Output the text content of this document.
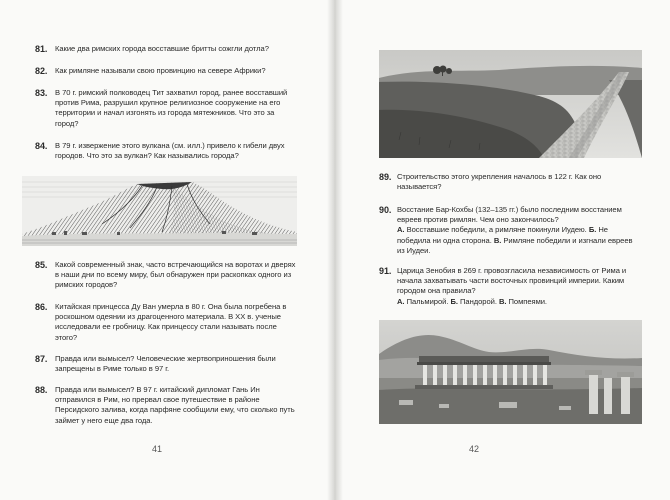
81.	Какие два римских города восставшие бритты сожгли дотла?
82.	Как римляне называли свою провинцию на севере Африки?
83.	В 70 г. римский полководец Тит захватил город, ранее восставший против Рима, разрушил крупное религиозное сооружение на его территории и начал изгонять из города мятежников. Что это за город?
84.	В 79 г. извержение этого вулкана (см. илл.) привело к гибели двух городов. Что это за вулкан? Как назывались города?
85.	Какой современный знак, часто встречающийся на воротах и дверях в наши дни по всему миру, был обнаружен при раскопках одного из римских городов?
86.	Китайская принцесса Ду Ван умерла в 80 г. Она была погребена в роскошном одеянии из драгоценного материала. В XX в. ученые исследовали ее гробницу. Как принцессу стали называть после этого?
87.	Правда или вымысел? Человеческие жертвоприношения были запрещены в Риме только в 97 г.
88.	Правда или вымысел? В 97 г. китайский дипломат Гань Ин отправился в Рим, но прервал свое путешествие в районе Персидского залива, когда парфяне сообщили ему, что сколько путь займет у него еще два года.
41
89. Строительство этого укрепления началось в 122 г. Как оно называется?
90. Восстание Бар-Кохбы (132–135 гг.) было последним восстанием евреев против римлян. Чем оно закончилось?
А. Восставшие победили, а римляне покинули Иудею. Б. Не победила ни одна сторона. В. Римляне победили и изгнали евреев из Иудеи.
91. Царица Зенобия в 269 г. провозгласила независимость от Рима и начала захватывать части восточных провинций империи. Каким городом она правила?
А. Пальмирой. Б. Пандорой. В. Помпеями.
42
